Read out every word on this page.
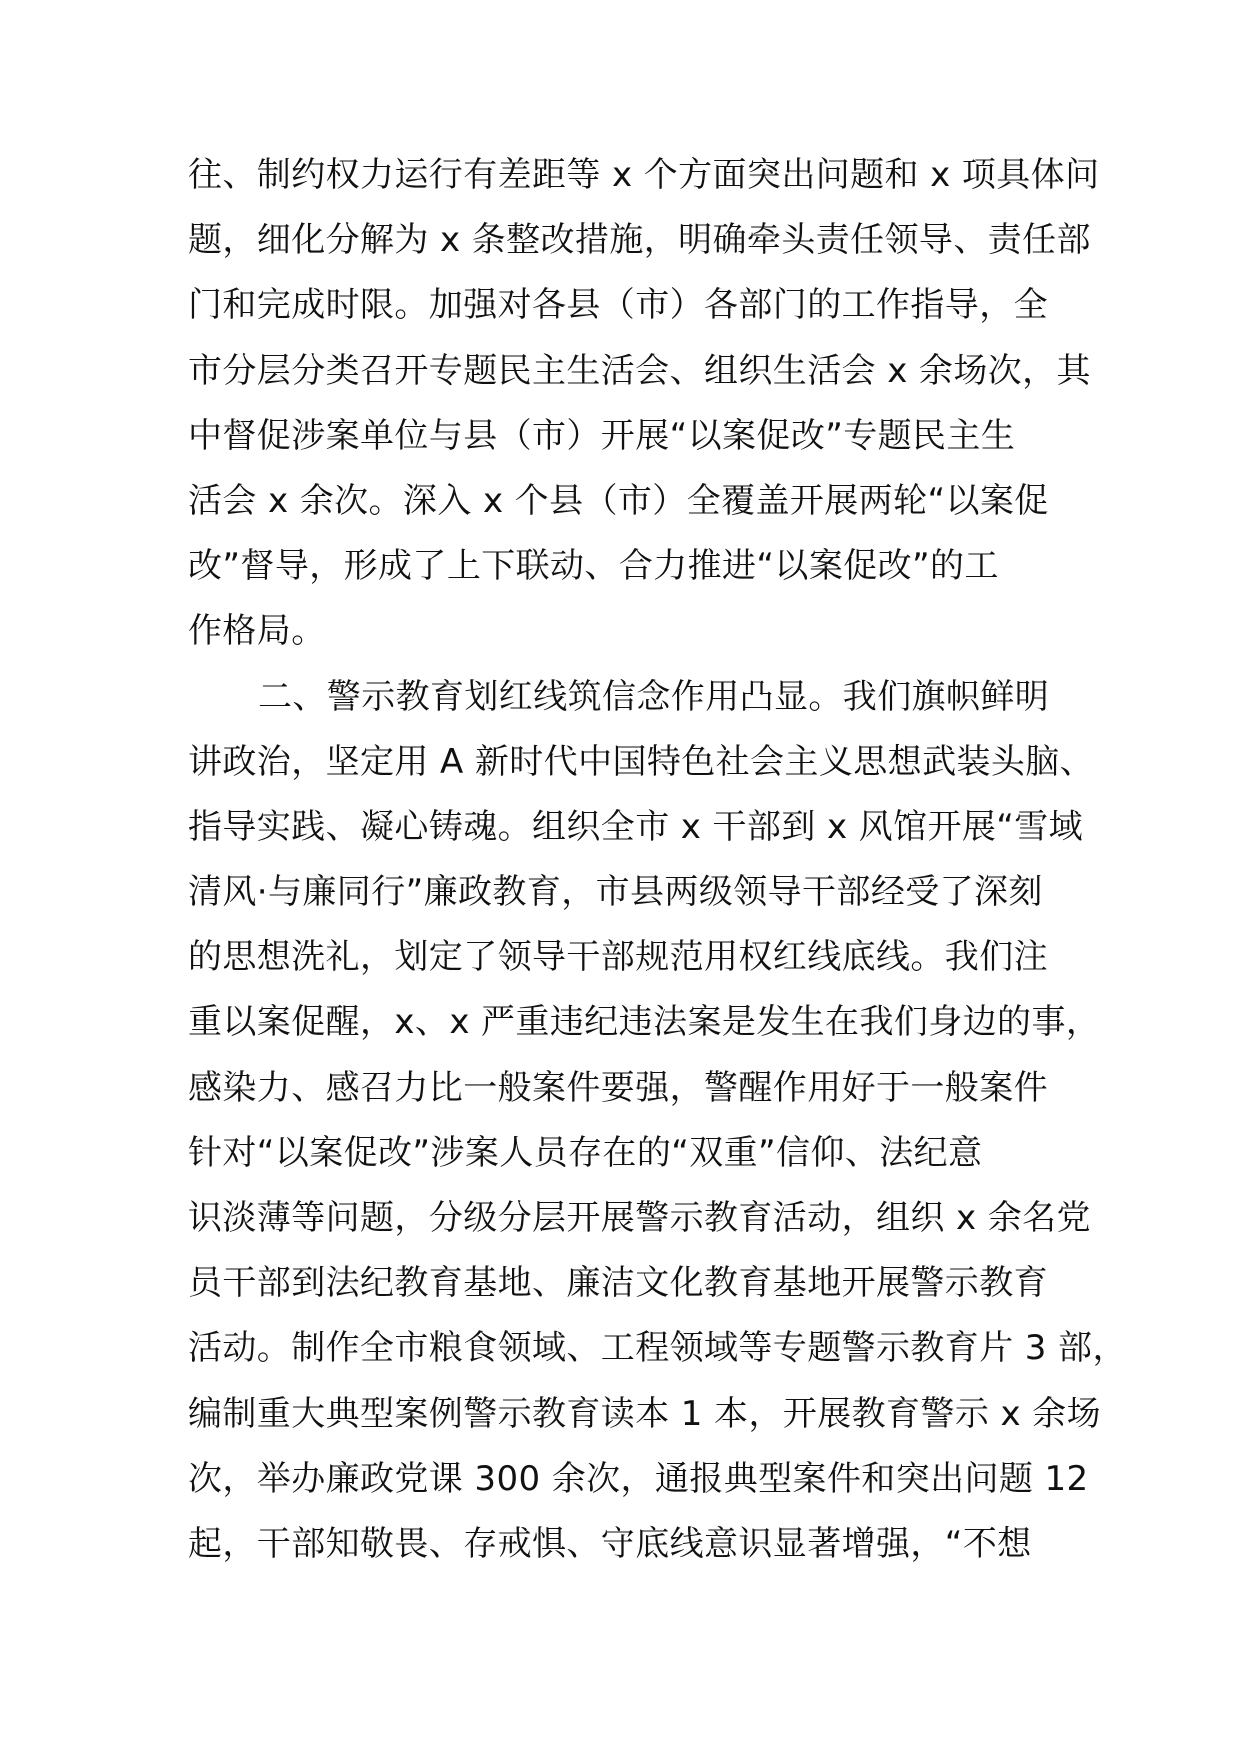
往、制约权力运行有差距等 x 个方面突出问题和 x 项具体问
题，细化分解为 x 条整改措施，明确牵头责任领导、责任部
门和完成时限。加强对各县（市）各部门的工作指导，全
市分层分类召开专题民主生活会、组织生活会 x 余场次，其
中督促涉案单位与县（市）开展“以案促改”专题民主生
活会 x 余次。深入 x 个县（市）全覆盖开展两轮“以案促
改”督导，形成了上下联动、合力推进“以案促改”的工
作格局。
二、警示教育划红线筑信念作用凸显。我们旗帜鲜明
讲政治，坚定用 A 新时代中国特色社会主义思想武装头脑、
指导实践、凝心铸魂。组织全市 x 干部到 x 风馆开展“雪域
清风·与廉同行”廉政教育，市县两级领导干部经受了深刻
的思想洗礼，划定了领导干部规范用权红线底线。我们注
重以案促醒，x、x 严重违纪违法案是发生在我们身边的事，
感染力、感召力比一般案件要强，警醒作用好于一般案件
针对“以案促改”涉案人员存在的“双重”信仰、法纪意
识淡薄等问题，分级分层开展警示教育活动，组织 x 余名党
员干部到法纪教育基地、廉洁文化教育基地开展警示教育
活动。制作全市粮食领域、工程领域等专题警示教育片 3 部，
编制重大典型案例警示教育读本 1 本，开展教育警示 x 余场
次，举办廉政党课 300 余次，通报典型案件和突出问题 12
起，干部知敬畏、存戒惧、守底线意识显著增强，“不想
